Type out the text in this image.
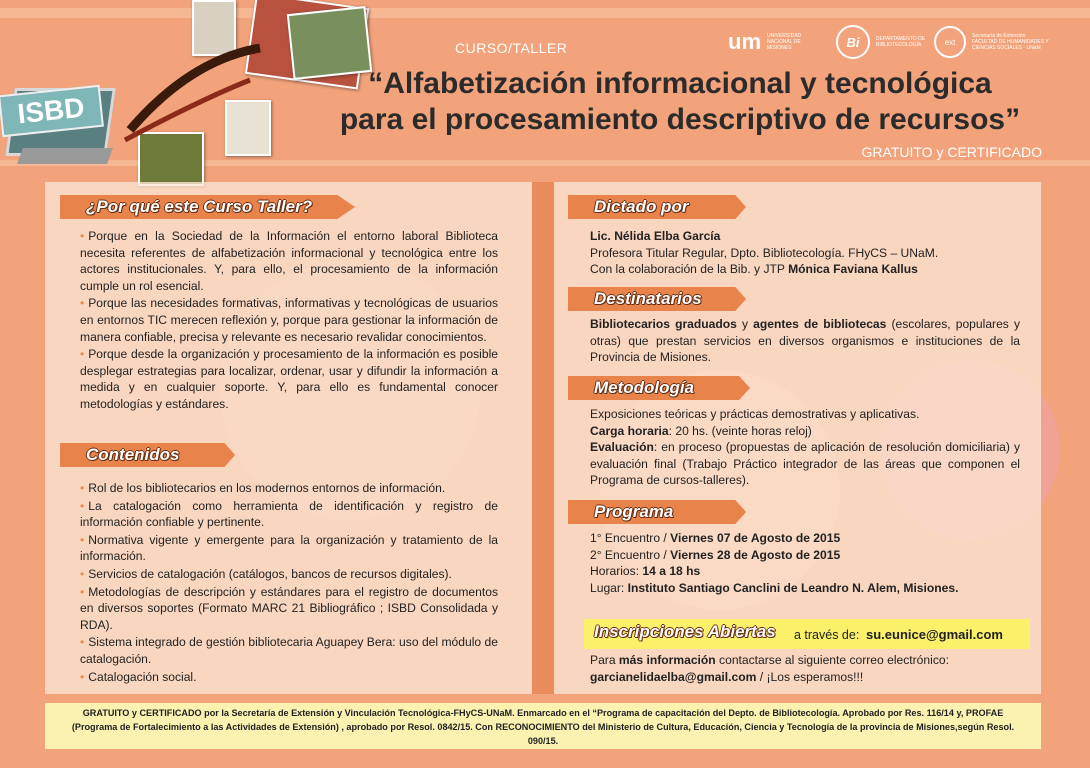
ISBD
CURSO/TALLER	um UNIVERSIDAD NACIONAL DE MISIONES	Bi	DEPARTAMENTO DE BIBLIOTECOLOGÍA	ext
Secretaría de Extensión FACULTAD DE HUMANIDADES Y CIENCIAS SOCIALES - UNaM
“Alfabetización informacional y tecnológica
para el procesamiento descriptivo de recursos”
GRATUITO y CERTIFICADO
¿Por qué este Curso Taller?

• Porque en la Sociedad de la Información el entorno laboral Biblioteca necesita referentes de alfabetización informacional y tecnológica entre los actores institucionales. Y, para ello, el procesamiento de la información cumple un rol esencial.

• Porque las necesidades formativas, informativas y tecnológicas de usuarios en entornos TIC merecen reflexión y, porque para gestionar la información de manera confiable, precisa y relevante es necesario revalidar conocimientos.

• Porque desde la organización y procesamiento de la información es posible desplegar estrategias para localizar, ordenar, usar y difundir la información a medida y en cualquier soporte. Y, para ello es fundamental conocer metodologías y estándares.

Contenidos

• Rol de los bibliotecarios en los modernos entornos de información.

• La catalogación como herramienta de identificación y registro de información confiable y pertinente.

• Normativa vigente y emergente para la organización y tratamiento de la información.

• Servicios de catalogación (catálogos, bancos de recursos digitales).

• Metodologías de descripción y estándares para el registro de documentos en diversos soportes (Formato MARC 21 Bibliográfico ; ISBD Consolidada y RDA).

• Sistema integrado de gestión bibliotecaria Aguapey Bera: uso del módulo de catalogación.

• Catalogación social.

Dictado por

Lic. Nélida Elba García

Profesora Titular Regular, Dpto. Bibliotecología. FHyCS – UNaM.

Con la colaboración de la Bib. y JTP Mónica Faviana Kallus

Destinatarios

Bibliotecarios graduados y agentes de bibliotecas (escolares, populares y otras) que prestan servicios en diversos organismos e instituciones de la Provincia de Misiones.

Metodología

Exposiciones teóricas y prácticas demostrativas y aplicativas.

Carga horaria: 20 hs. (veinte horas reloj)

Evaluación: en proceso (propuestas de aplicación de resolución domiciliaria) y evaluación final (Trabajo Práctico integrador de las áreas que componen el Programa de cursos-talleres).

Programa

1° Encuentro / Viernes 07 de Agosto de 2015

2° Encuentro / Viernes 28 de Agosto de 2015

Horarios: 14 a 18 hs

Lugar: Instituto Santiago Canclini de Leandro N. Alem, Misiones.

Inscripciones Abiertas a través de: su.eunice@gmail.com

Para más información contactarse al siguiente correo electrónico:

garcianelidaelba@gmail.com / ¡Los esperamos!!!

GRATUITO y CERTIFICADO por la Secretaría de Extensión y Vinculación Tecnológica-FHyCS-UNaM. Enmarcado en el “Programa de capacitación del Depto. de Bibliotecología. Aprobado por Res. 116/14 y, PROFAE (Programa de Fortalecimiento a las Actividades de Extensión) , aprobado por Resol. 0842/15. Con RECONOCIMIENTO del Ministerio de Cultura, Educación, Ciencia y Tecnología de la provincia de Misiones,según Resol. 090/15.
